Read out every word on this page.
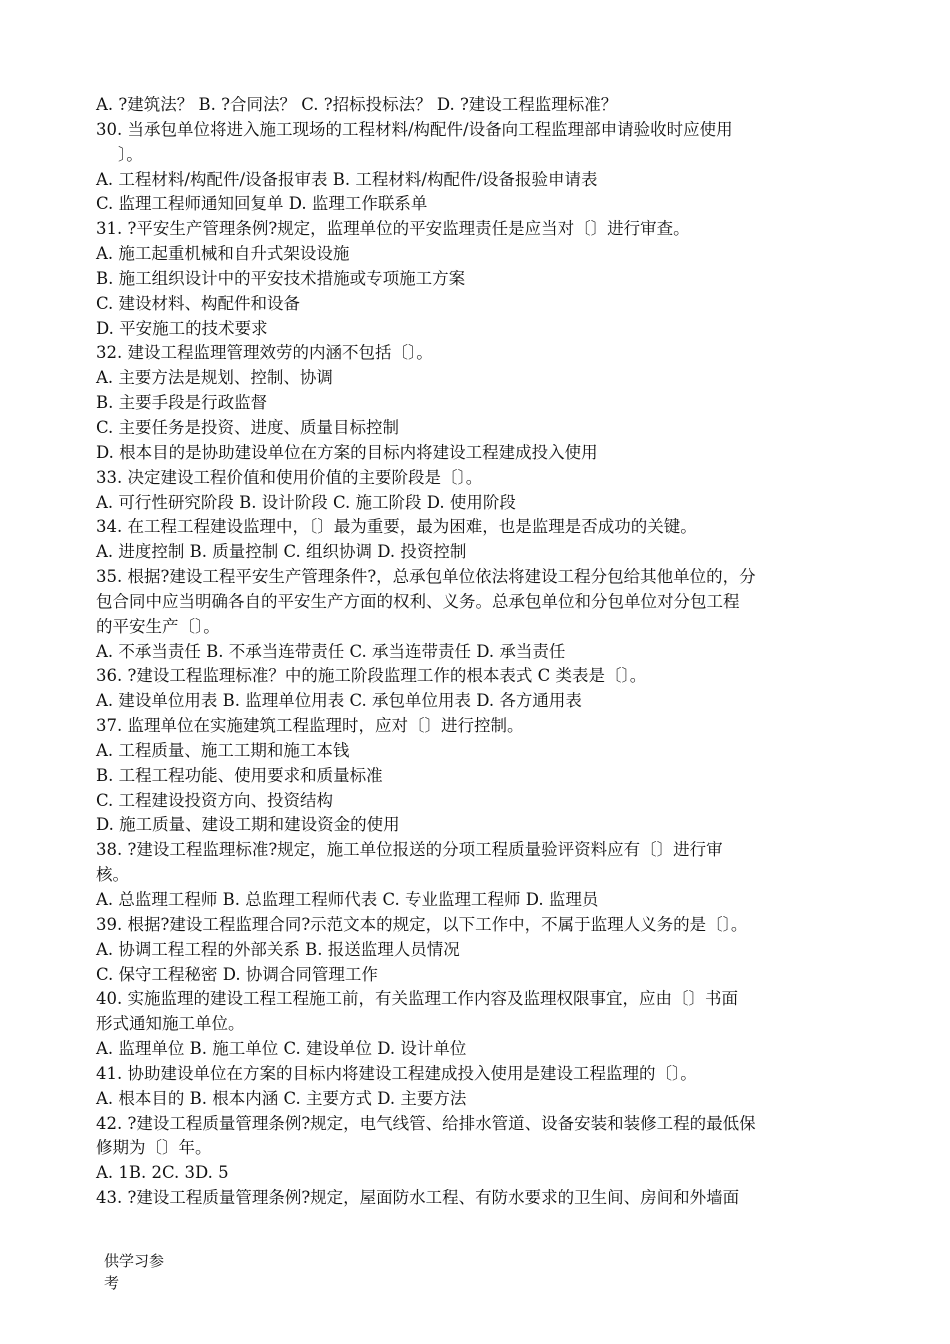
A. ?建筑法？ B. ?合同法？ C. ?招标投标法？ D. ?建设工程监理标准？
30. 当承包单位将进入施工现场的工程材料/构配件/设备向工程监理部申请验收时应使用
〕。
A. 工程材料/构配件/设备报审表 B. 工程材料/构配件/设备报验申请表
C. 监理工程师通知回复单 D. 监理工作联系单
31. ?平安生产管理条例?规定，监理单位的平安监理责任是应当对〔〕进行审查。
A. 施工起重机械和自升式架设设施
B. 施工组织设计中的平安技术措施或专项施工方案
C. 建设材料、构配件和设备
D. 平安施工的技术要求
32. 建设工程监理管理效劳的内涵不包括〔〕。
A. 主要方法是规划、控制、协调
B. 主要手段是行政监督
C. 主要任务是投资、进度、质量目标控制
D. 根本目的是协助建设单位在方案的目标内将建设工程建成投入使用
33. 决定建设工程价值和使用价值的主要阶段是〔〕。
A. 可行性研究阶段 B. 设计阶段 C. 施工阶段 D. 使用阶段
34. 在工程工程建设监理中，〔〕最为重要，最为困难，也是监理是否成功的关键。
A. 进度控制 B. 质量控制 C. 组织协调 D. 投资控制
35. 根据?建设工程平安生产管理条件?，总承包单位依法将建设工程分包给其他单位的，分
包合同中应当明确各自的平安生产方面的权利、义务。总承包单位和分包单位对分包工程
的平安生产〔〕。
A. 不承当责任 B. 不承当连带责任 C. 承当连带责任 D. 承当责任
36. ?建设工程监理标准？中的施工阶段监理工作的根本表式 C 类表是〔〕。
A. 建设单位用表 B. 监理单位用表 C. 承包单位用表 D. 各方通用表
37. 监理单位在实施建筑工程监理时，应对〔〕进行控制。
A. 工程质量、施工工期和施工本钱
B. 工程工程功能、使用要求和质量标准
C. 工程建设投资方向、投资结构
D. 施工质量、建设工期和建设资金的使用
38. ?建设工程监理标准?规定，施工单位报送的分项工程质量验评资料应有〔〕进行审
核。
A. 总监理工程师 B. 总监理工程师代表 C. 专业监理工程师 D. 监理员
39. 根据?建设工程监理合同?示范文本的规定，以下工作中，不属于监理人义务的是〔〕。
A. 协调工程工程的外部关系 B. 报送监理人员情况
C. 保守工程秘密 D. 协调合同管理工作
40. 实施监理的建设工程工程施工前，有关监理工作内容及监理权限事宜，应由〔〕书面
形式通知施工单位。
A. 监理单位 B. 施工单位 C. 建设单位 D. 设计单位
41. 协助建设单位在方案的目标内将建设工程建成投入使用是建设工程监理的〔〕。
A. 根本目的 B. 根本内涵 C. 主要方式 D. 主要方法
42. ?建设工程质量管理条例?规定，电气线管、给排水管道、设备安装和装修工程的最低保
修期为〔〕年。
A. 1B. 2C. 3D. 5
43. ?建设工程质量管理条例?规定，屋面防水工程、有防水要求的卫生间、房间和外墙面
供学习参
考
